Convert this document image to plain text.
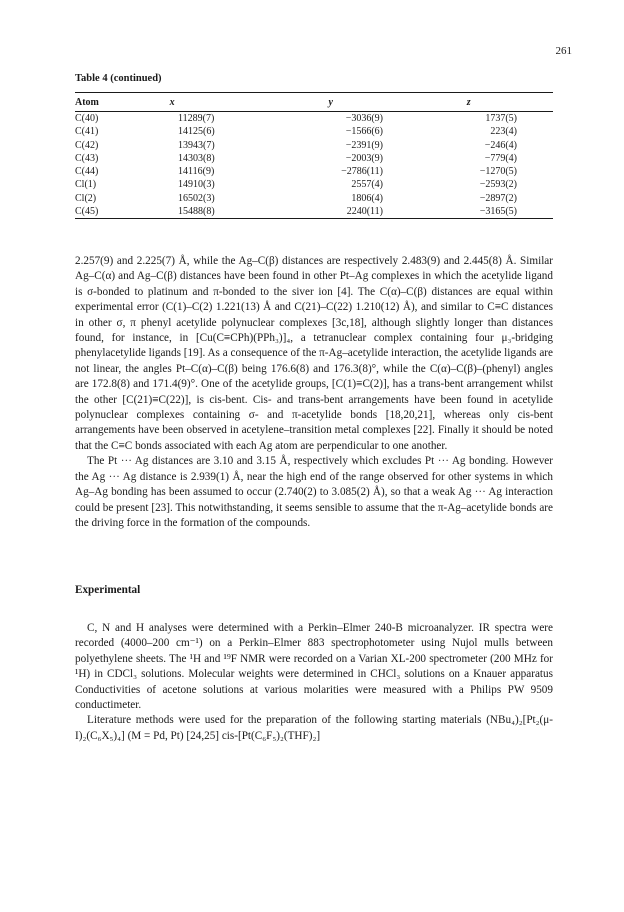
261
Table 4 (continued)
Atom	x	y	z
C(40)	11289(7)	−3036(9)	1737(5)
C(41)	14125(6)	−1566(6)	223(4)
C(42)	13943(7)	−2391(9)	−246(4)
C(43)	14303(8)	−2003(9)	−779(4)
C(44)	14116(9)	−2786(11)	−1270(5)
Cl(1)	14910(3)	2557(4)	−2593(2)
Cl(2)	16502(3)	1806(4)	−2897(2)
C(45)	15488(8)	2240(11)	−3165(5)

2.257(9) and 2.225(7) Å, while the Ag–C(β) distances are respectively 2.483(9) and 2.445(8) Å. Similar Ag–C(α) and Ag–C(β) distances have been found in other Pt–Ag complexes in which the acetylide ligand is σ-bonded to platinum and π-bonded to the siver ion [4]. The C(α)–C(β) distances are equal within experimental error (C(1)–C(2) 1.221(13) Å and C(21)–C(22) 1.210(12) Å), and similar to C≡C distances in other σ, π phenyl acetylide polynuclear complexes [3c,18], although slightly longer than distances found, for instance, in [Cu(C≡CPh)(PPh₃)]₄, a tetranuclear complex containing four μ₃-bridging phenylacetylide ligands [19]. As a consequence of the π-Ag–acetylide interaction, the acetylide ligands are not linear, the angles Pt–C(α)–C(β) being 176.6(8) and 176.3(8)°, while the C(α)–C(β)–(phenyl) angles are 172.8(8) and 171.4(9)°. One of the acetylide groups, [C(1)≡C(2)], has a trans-bent arrangement whilst the other [C(21)≡C(22)], is cis-bent. Cis- and trans-bent arrangements have been found in acetylide polynuclear complexes containing σ- and π-acetylide bonds [18,20,21], whereas only cis-bent arrangements have been observed in acetylene–transition metal complexes [22]. Finally it should be noted that the C≡C bonds associated with each Ag atom are perpendicular to one another.

The Pt ··· Ag distances are 3.10 and 3.15 Å, respectively which excludes Pt ··· Ag bonding. However the Ag ··· Ag distance is 2.939(1) Å, near the high end of the range observed for other systems in which Ag–Ag bonding has been assumed to occur (2.740(2) to 3.085(2) Å), so that a weak Ag ··· Ag interaction could be present [23]. This notwithstanding, it seems sensible to assume that the π-Ag–acetylide bonds are the driving force in the formation of the compounds.

Experimental

C, N and H analyses were determined with a Perkin–Elmer 240-B microanalyzer. IR spectra were recorded (4000–200 cm⁻¹) on a Perkin–Elmer 883 spectrophotometer using Nujol mulls between polyethylene sheets. The ¹H and ¹⁹F NMR were recorded on a Varian XL-200 spectrometer (200 MHz for ¹H) in CDCl₃ solutions. Molecular weights were determined in CHCl₃ solutions on a Knauer apparatus Conductivities of acetone solutions at various molarities were measured with a Philips PW 9509 conductimeter.

Literature methods were used for the preparation of the following starting materials (NBu₄)₂[Pt₂(μ-I)₂(C₆X₅)₄] (M = Pd, Pt) [24,25] cis-[Pt(C₆F₅)₂(THF)₂]
